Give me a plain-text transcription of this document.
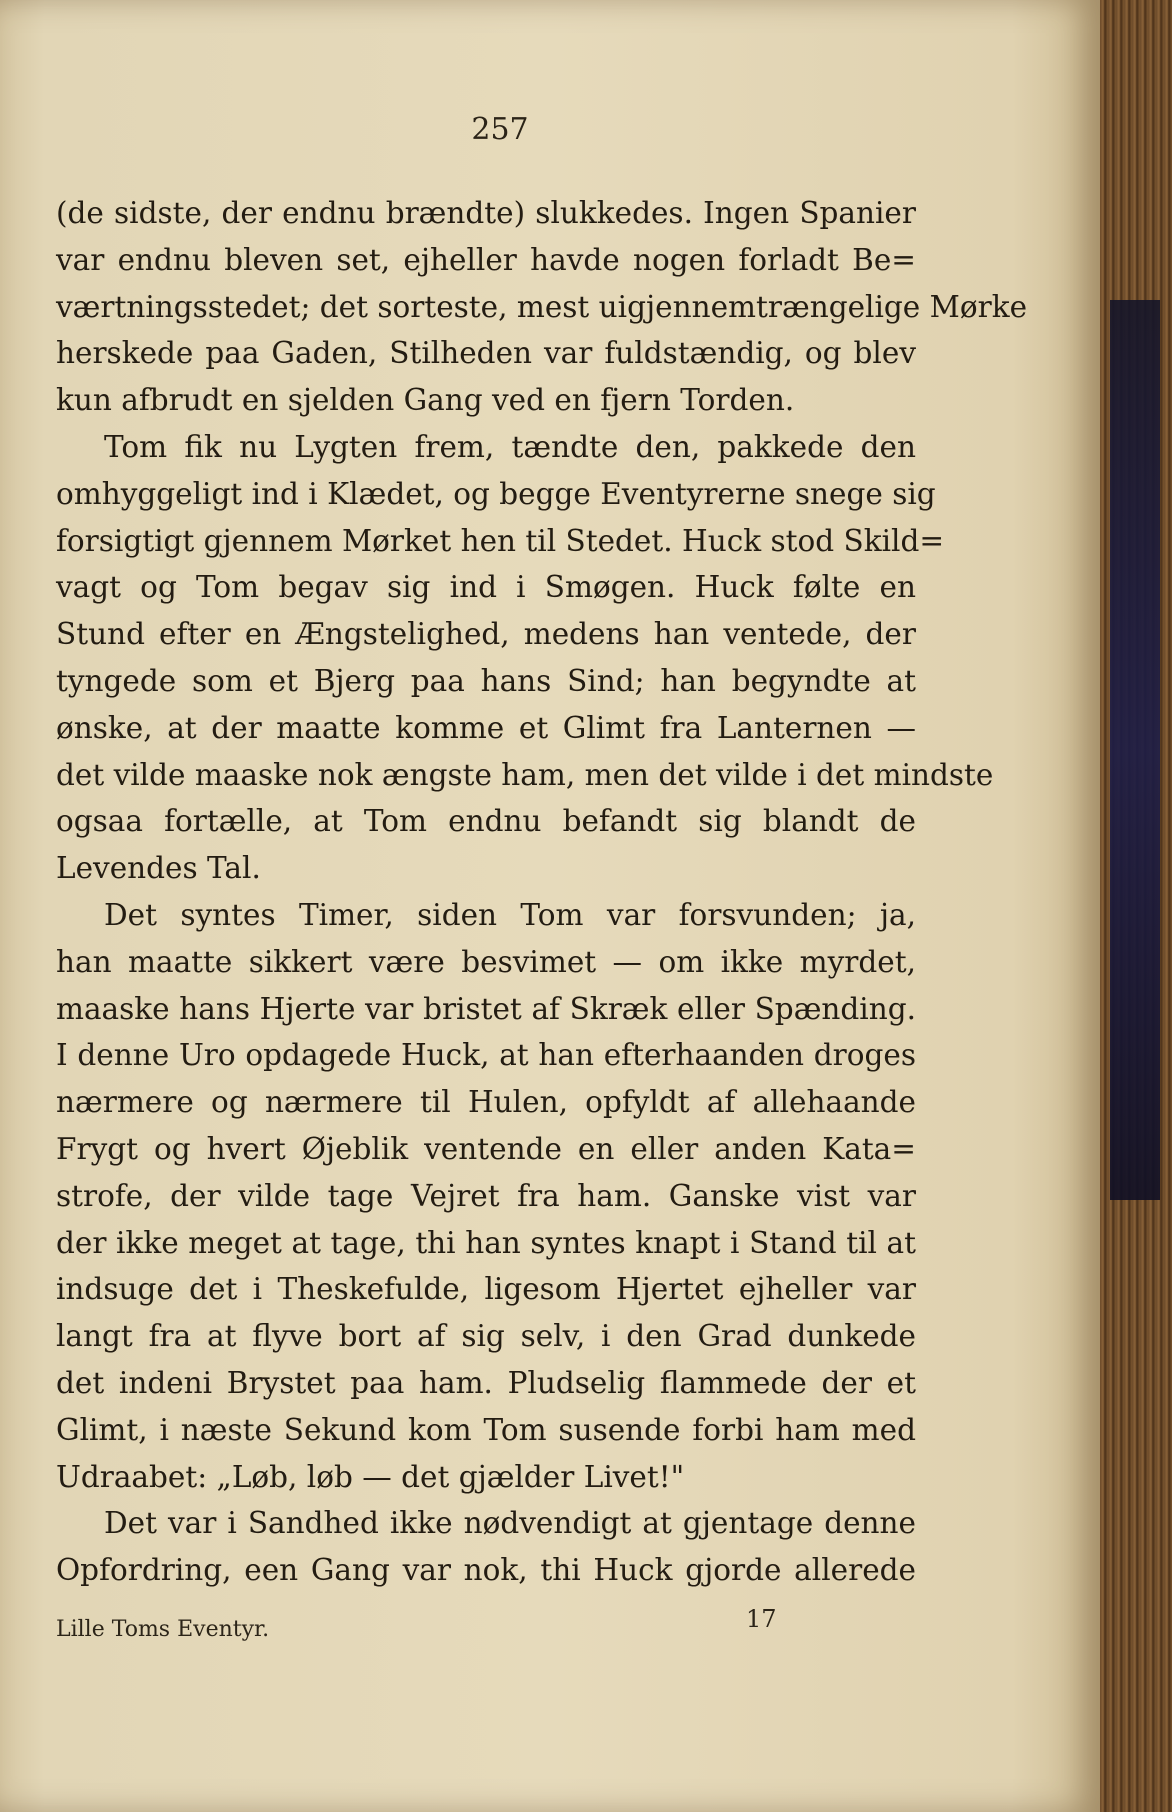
257
(de sidste, der endnu brændte) slukkedes. Ingen Spanier
var endnu bleven set, ejheller havde nogen forladt Be=
værtningsstedet; det sorteste, mest uigjennemtrængelige Mørke
herskede paa Gaden, Stilheden var fuldstændig, og blev
kun afbrudt en sjelden Gang ved en fjern Torden.
Tom fik nu Lygten frem, tændte den, pakkede den
omhyggeligt ind i Klædet, og begge Eventyrerne snege sig
forsigtigt gjennem Mørket hen til Stedet. Huck stod Skild=
vagt og Tom begav sig ind i Smøgen. Huck følte en
Stund efter en Ængstelighed, medens han ventede, der
tyngede som et Bjerg paa hans Sind; han begyndte at
ønske, at der maatte komme et Glimt fra Lanternen —
det vilde maaske nok ængste ham, men det vilde i det mindste
ogsaa fortælle, at Tom endnu befandt sig blandt de
Levendes Tal.
Det syntes Timer, siden Tom var forsvunden; ja,
han maatte sikkert være besvimet — om ikke myrdet,
maaske hans Hjerte var bristet af Skræk eller Spænding.
I denne Uro opdagede Huck, at han efterhaanden droges
nærmere og nærmere til Hulen, opfyldt af allehaande
Frygt og hvert Øjeblik ventende en eller anden Kata=
strofe, der vilde tage Vejret fra ham. Ganske vist var
der ikke meget at tage, thi han syntes knapt i Stand til at
indsuge det i Theskefulde, ligesom Hjertet ejheller var
langt fra at flyve bort af sig selv, i den Grad dunkede
det indeni Brystet paa ham. Pludselig flammede der et
Glimt, i næste Sekund kom Tom susende forbi ham med
Udraabet: „Løb, løb — det gjælder Livet!"
Det var i Sandhed ikke nødvendigt at gjentage denne
Opfordring, een Gang var nok, thi Huck gjorde allerede
Lille Toms Eventyr.	17
